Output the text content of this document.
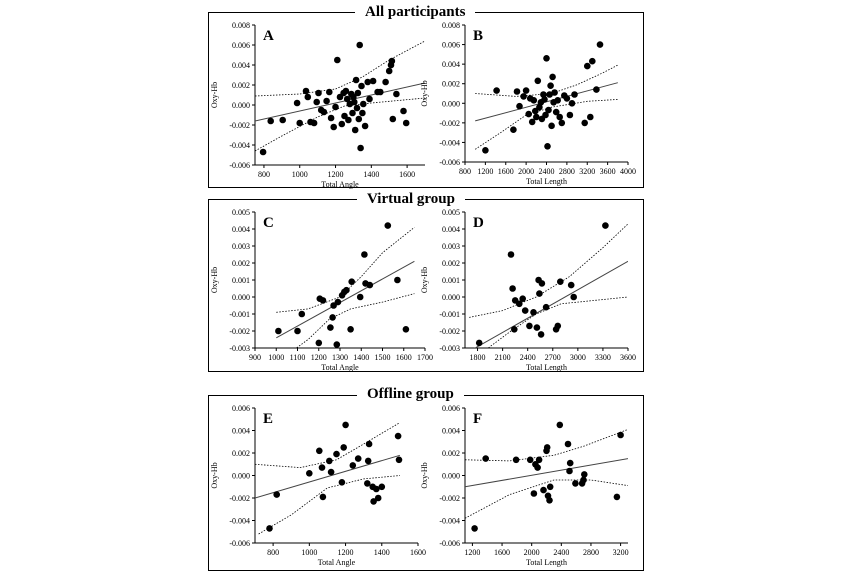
All participants
Virtual group
Offline group
-0.006
-0.004
-0.002
0.000
0.002
0.004
0.006
0.008
800	1000 1200 1400 1600
Total Angle
Oxy-Hb
A
-0.006
-0.004
-0.002
0.000
0.002
0.004
0.006
0.008
800 1200 1600 2000 2400 2800 3200 3600 4000
Total Length
Oxy-Hb
B
-0.003
-0.002
-0.001
0.000
0.001
0.002
0.003
0.004
0.005
900 1000 1100 1200 1300 1400 1500 1600 1700
Total Angle
Oxy-Hb
C
-0.003
-0.002
-0.001
0.000
0.001
0.002
0.003
0.004
0.005
1800 2100 2400 2700 3000 3300 3600
Total Length
Oxy-Hb
D
-0.006
-0.004
-0.002
0.000
0.002
0.004
0.006
800	1000	1200	1400	1600
Total Angle
Oxy-Hb
E
-0.006
-0.004
-0.002
0.000
0.002
0.004
0.006
1200 1600 2000 2400 2800 3200
Total Length
Oxy-Hb
F
